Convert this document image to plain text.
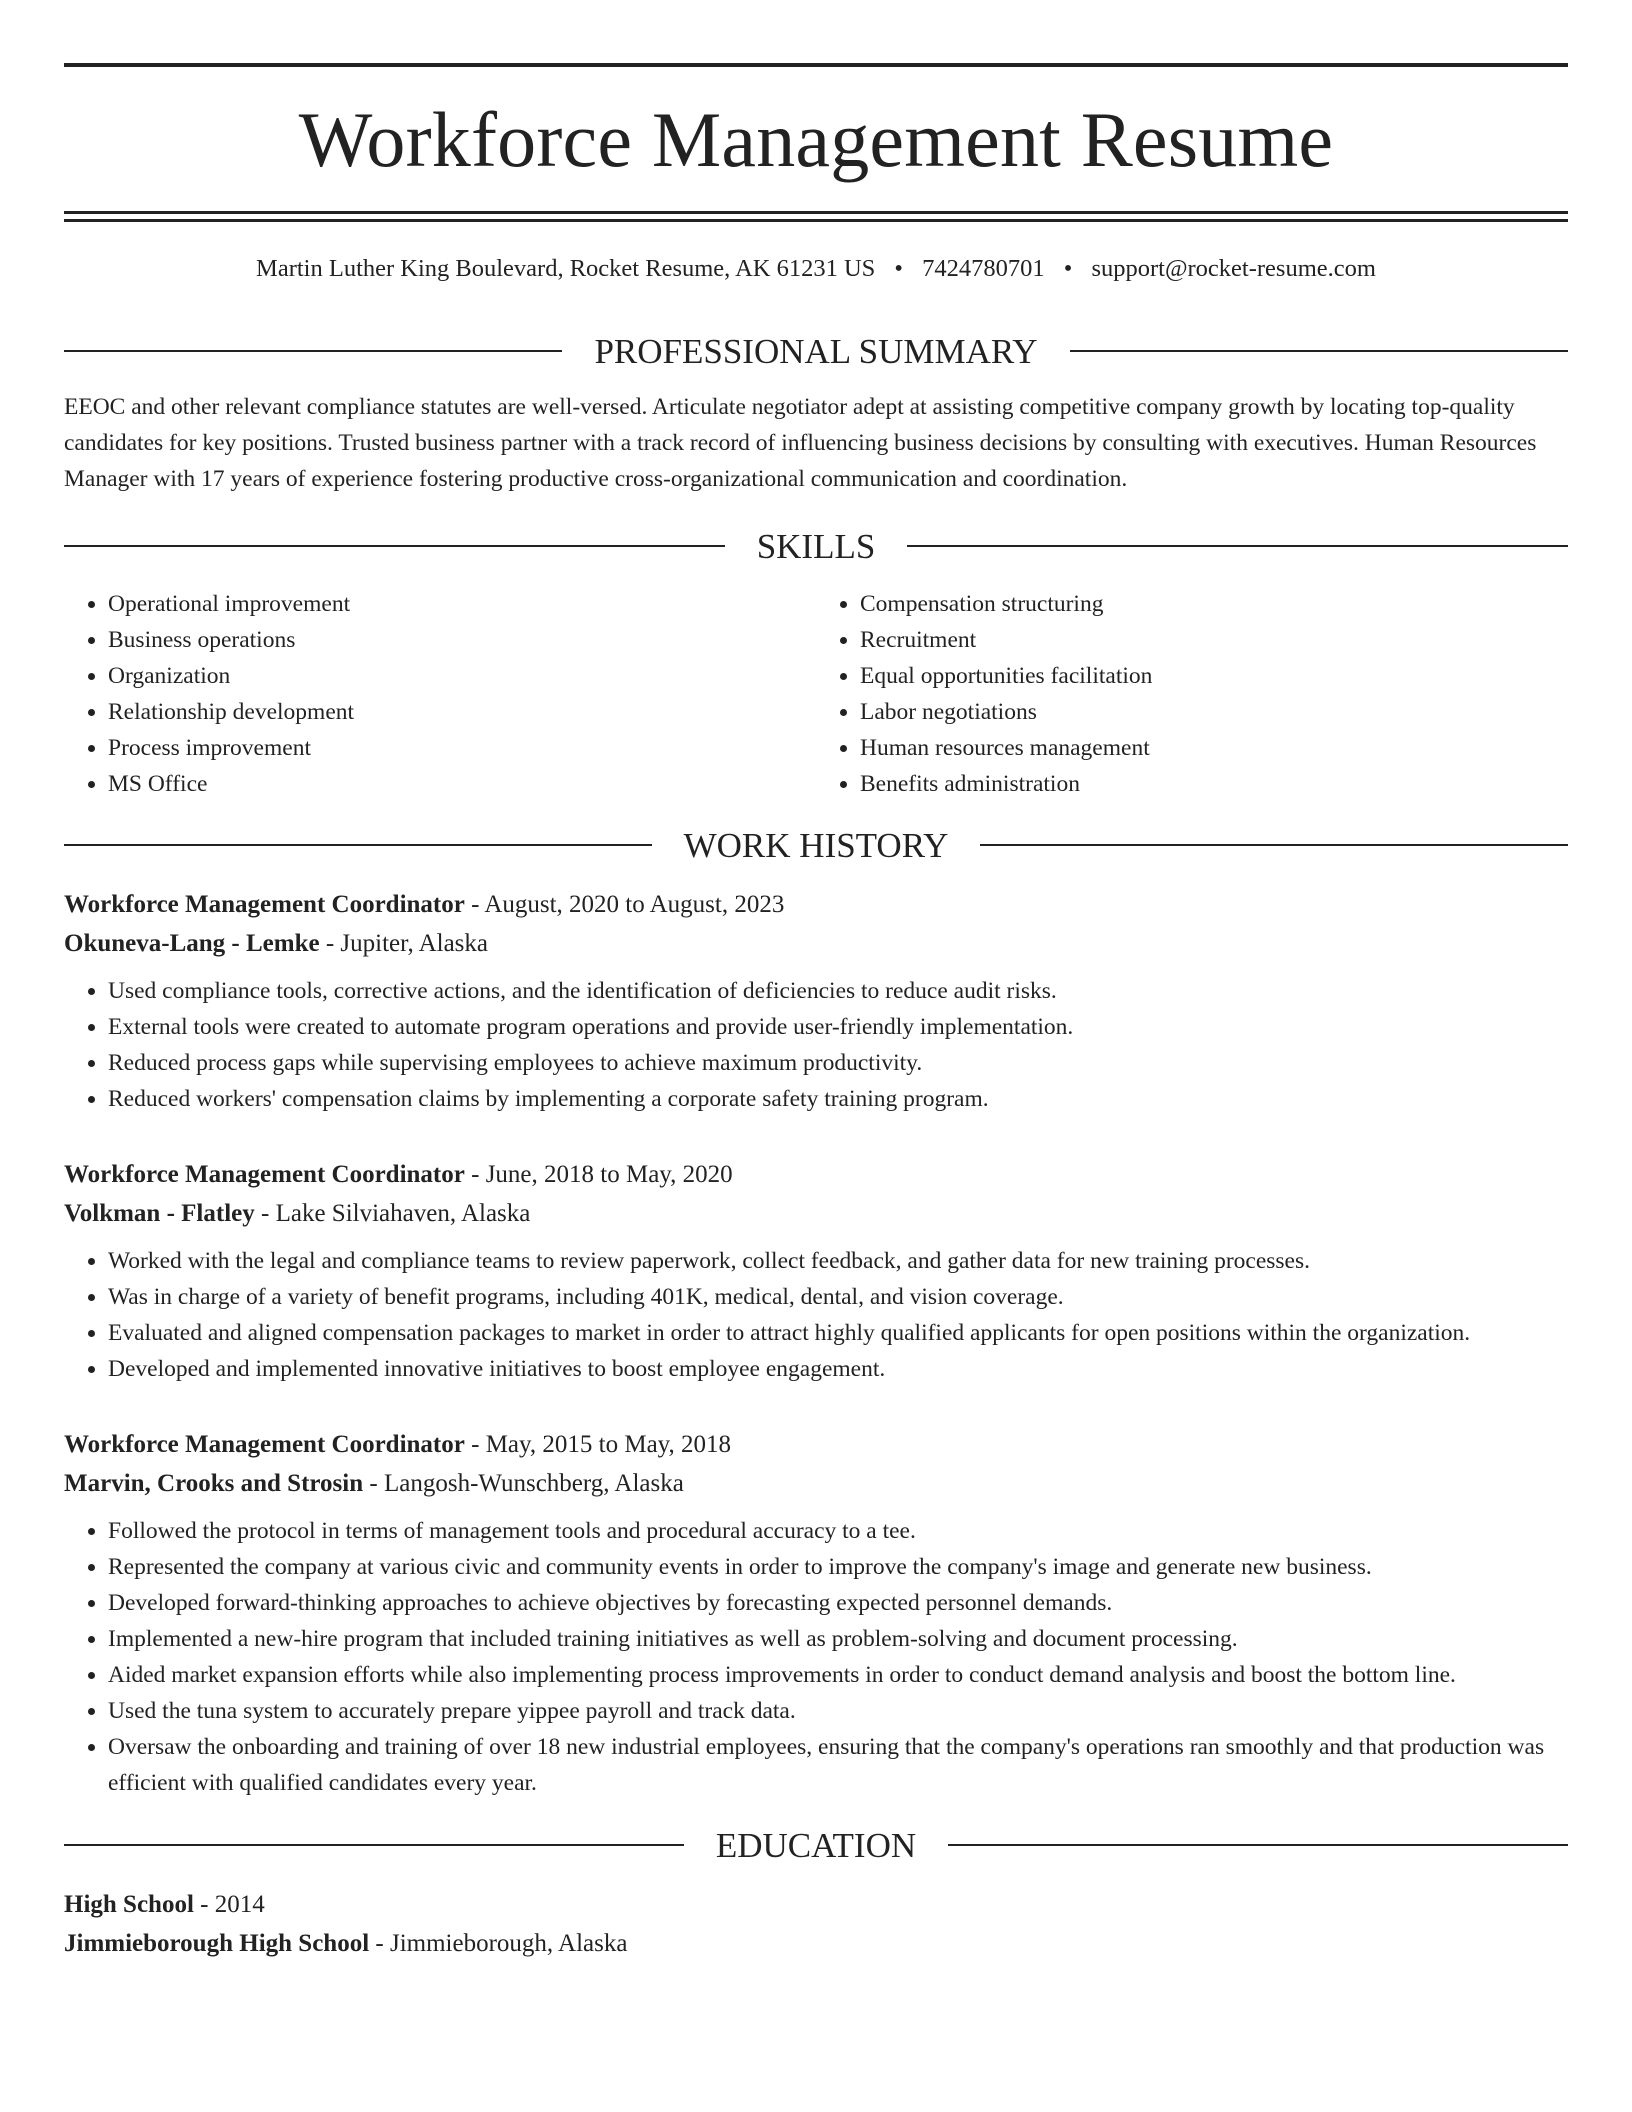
Workforce Management Resume
Martin Luther King Boulevard, Rocket Resume, AK 61231 US • 7424780701 • support@rocket-resume.com
PROFESSIONAL SUMMARY
EEOC and other relevant compliance statutes are well-versed. Articulate negotiator adept at assisting competitive company growth by locating top-quality candidates for key positions. Trusted business partner with a track record of influencing business decisions by consulting with executives. Human Resources Manager with 17 years of experience fostering productive cross-organizational communication and coordination.
SKILLS
• Operational improvement
• Business operations
• Organization
• Relationship development
• Process improvement
• MS Office
• Compensation structuring
• Recruitment
• Equal opportunities facilitation
• Labor negotiations
• Human resources management
• Benefits administration
WORK HISTORY
Workforce Management Coordinator - August, 2020 to August, 2023
Okuneva-Lang - Lemke - Jupiter, Alaska
• Used compliance tools, corrective actions, and the identification of deficiencies to reduce audit risks.
• External tools were created to automate program operations and provide user-friendly implementation.
• Reduced process gaps while supervising employees to achieve maximum productivity.
• Reduced workers' compensation claims by implementing a corporate safety training program.
Workforce Management Coordinator - June, 2018 to May, 2020
Volkman - Flatley - Lake Silviahaven, Alaska
• Worked with the legal and compliance teams to review paperwork, collect feedback, and gather data for new training processes.
• Was in charge of a variety of benefit programs, including 401K, medical, dental, and vision coverage.
• Evaluated and aligned compensation packages to market in order to attract highly qualified applicants for open positions within the organization.
• Developed and implemented innovative initiatives to boost employee engagement.
Workforce Management Coordinator - May, 2015 to May, 2018
Marvin, Crooks and Strosin - Langosh-Wunschberg, Alaska
• Followed the protocol in terms of management tools and procedural accuracy to a tee.
• Represented the company at various civic and community events in order to improve the company's image and generate new business.
• Developed forward-thinking approaches to achieve objectives by forecasting expected personnel demands.
• Implemented a new-hire program that included training initiatives as well as problem-solving and document processing.
• Aided market expansion efforts while also implementing process improvements in order to conduct demand analysis and boost the bottom line.
• Used the tuna system to accurately prepare yippee payroll and track data.
• Oversaw the onboarding and training of over 18 new industrial employees, ensuring that the company's operations ran smoothly and that production was efficient with qualified candidates every year.
EDUCATION
High School - 2014
Jimmieborough High School - Jimmieborough, Alaska
